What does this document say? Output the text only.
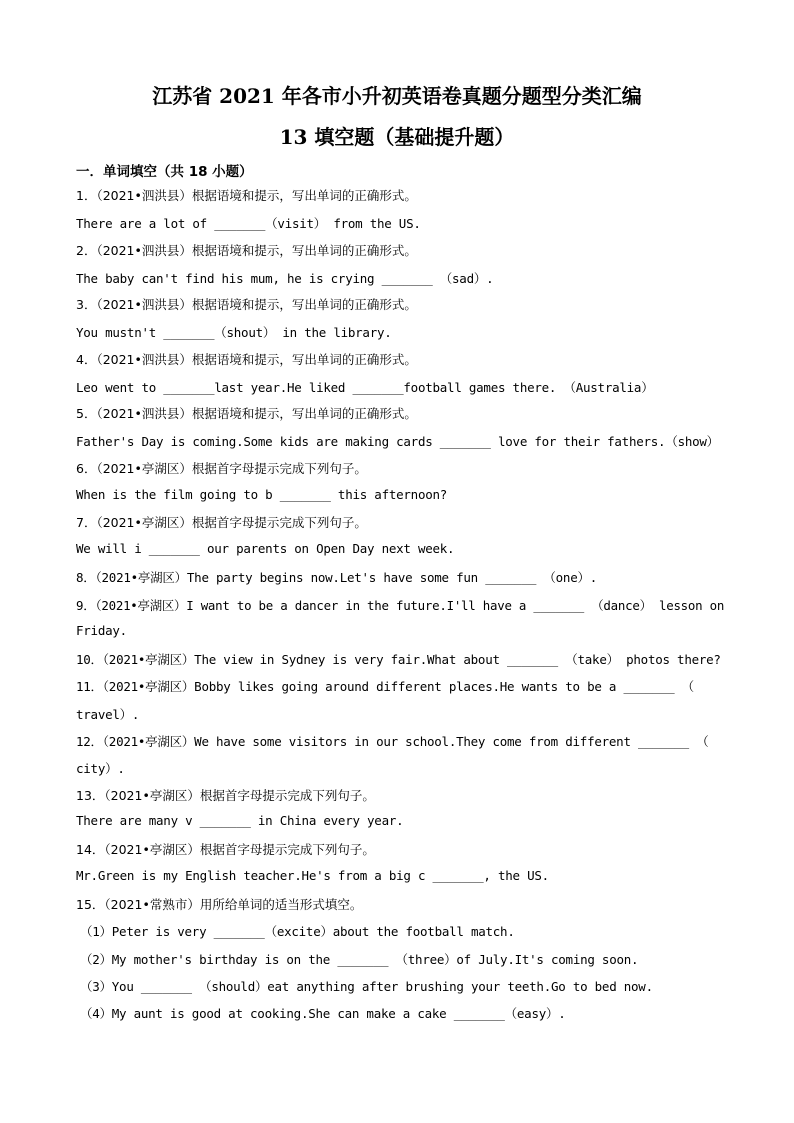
江苏省 2021 年各市小升初英语卷真题分题型分类汇编
13 填空题（基础提升题）
一．单词填空（共 18 小题）
1．（2021•泗洪县）根据语境和提示，写出单词的正确形式。
There are a lot of _______（visit） from the US.
2．（2021•泗洪县）根据语境和提示，写出单词的正确形式。
The baby can't find his mum, he is crying _______ （sad）.
3．（2021•泗洪县）根据语境和提示，写出单词的正确形式。
You mustn't _______（shout） in the library.
4．（2021•泗洪县）根据语境和提示，写出单词的正确形式。
Leo went to _______last year.He liked _______football games there. （Australia）
5．（2021•泗洪县）根据语境和提示，写出单词的正确形式。
Father's Day is coming.Some kids are making cards _______ love for their fathers.（show）
6．（2021•亭湖区）根据首字母提示完成下列句子。
When is the film going to b _______ this afternoon?
7．（2021•亭湖区）根据首字母提示完成下列句子。
We will i _______ our parents on Open Day next week.
8．（2021•亭湖区）The party begins now.Let's have some fun _______ （one）.
9．（2021•亭湖区）I want to be a dancer in the future.I'll have a _______ （dance） lesson on
Friday.
10．（2021•亭湖区）The view in Sydney is very fair.What about _______ （take） photos there?
11．（2021•亭湖区）Bobby likes going around different places.He wants to be a _______ （
travel）.
12．（2021•亭湖区）We have some visitors in our school.They come from different _______ （
city）.
13．（2021•亭湖区）根据首字母提示完成下列句子。
There are many v _______ in China every year.
14．（2021•亭湖区）根据首字母提示完成下列句子。
Mr.Green is my English teacher.He's from a big c _______, the US.
15．（2021•常熟市）用所给单词的适当形式填空。
（1）Peter is very _______（excite）about the football match.
（2）My mother's birthday is on the _______ （three）of July.It's coming soon.
（3）You _______ （should）eat anything after brushing your teeth.Go to bed now.
（4）My aunt is good at cooking.She can make a cake _______（easy）.
